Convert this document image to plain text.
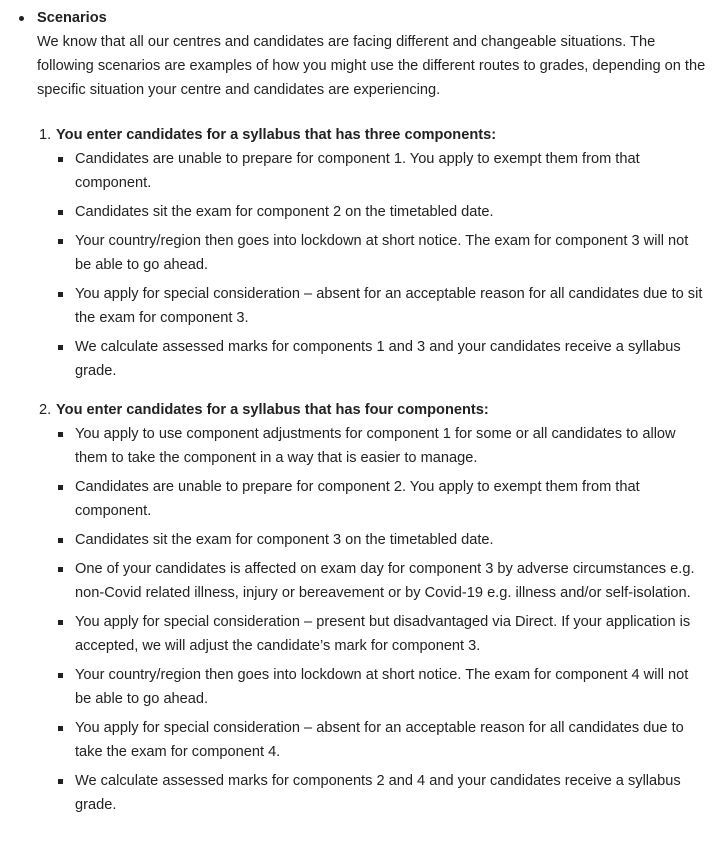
Scenarios
We know that all our centres and candidates are facing different and changeable situations. The following scenarios are examples of how you might use the different routes to grades, depending on the specific situation your centre and candidates are experiencing.
1. You enter candidates for a syllabus that has three components:
Candidates are unable to prepare for component 1. You apply to exempt them from that component.
Candidates sit the exam for component 2 on the timetabled date.
Your country/region then goes into lockdown at short notice. The exam for component 3 will not be able to go ahead.
You apply for special consideration – absent for an acceptable reason for all candidates due to sit the exam for component 3.
We calculate assessed marks for components 1 and 3 and your candidates receive a syllabus grade.
2. You enter candidates for a syllabus that has four components:
You apply to use component adjustments for component 1 for some or all candidates to allow them to take the component in a way that is easier to manage.
Candidates are unable to prepare for component 2. You apply to exempt them from that component.
Candidates sit the exam for component 3 on the timetabled date.
One of your candidates is affected on exam day for component 3 by adverse circumstances e.g. non-Covid related illness, injury or bereavement or by Covid-19 e.g. illness and/or self-isolation.
You apply for special consideration – present but disadvantaged via Direct. If your application is accepted, we will adjust the candidate’s mark for component 3.
Your country/region then goes into lockdown at short notice. The exam for component 4 will not be able to go ahead.
You apply for special consideration – absent for an acceptable reason for all candidates due to take the exam for component 4.
We calculate assessed marks for components 2 and 4 and your candidates receive a syllabus grade.
